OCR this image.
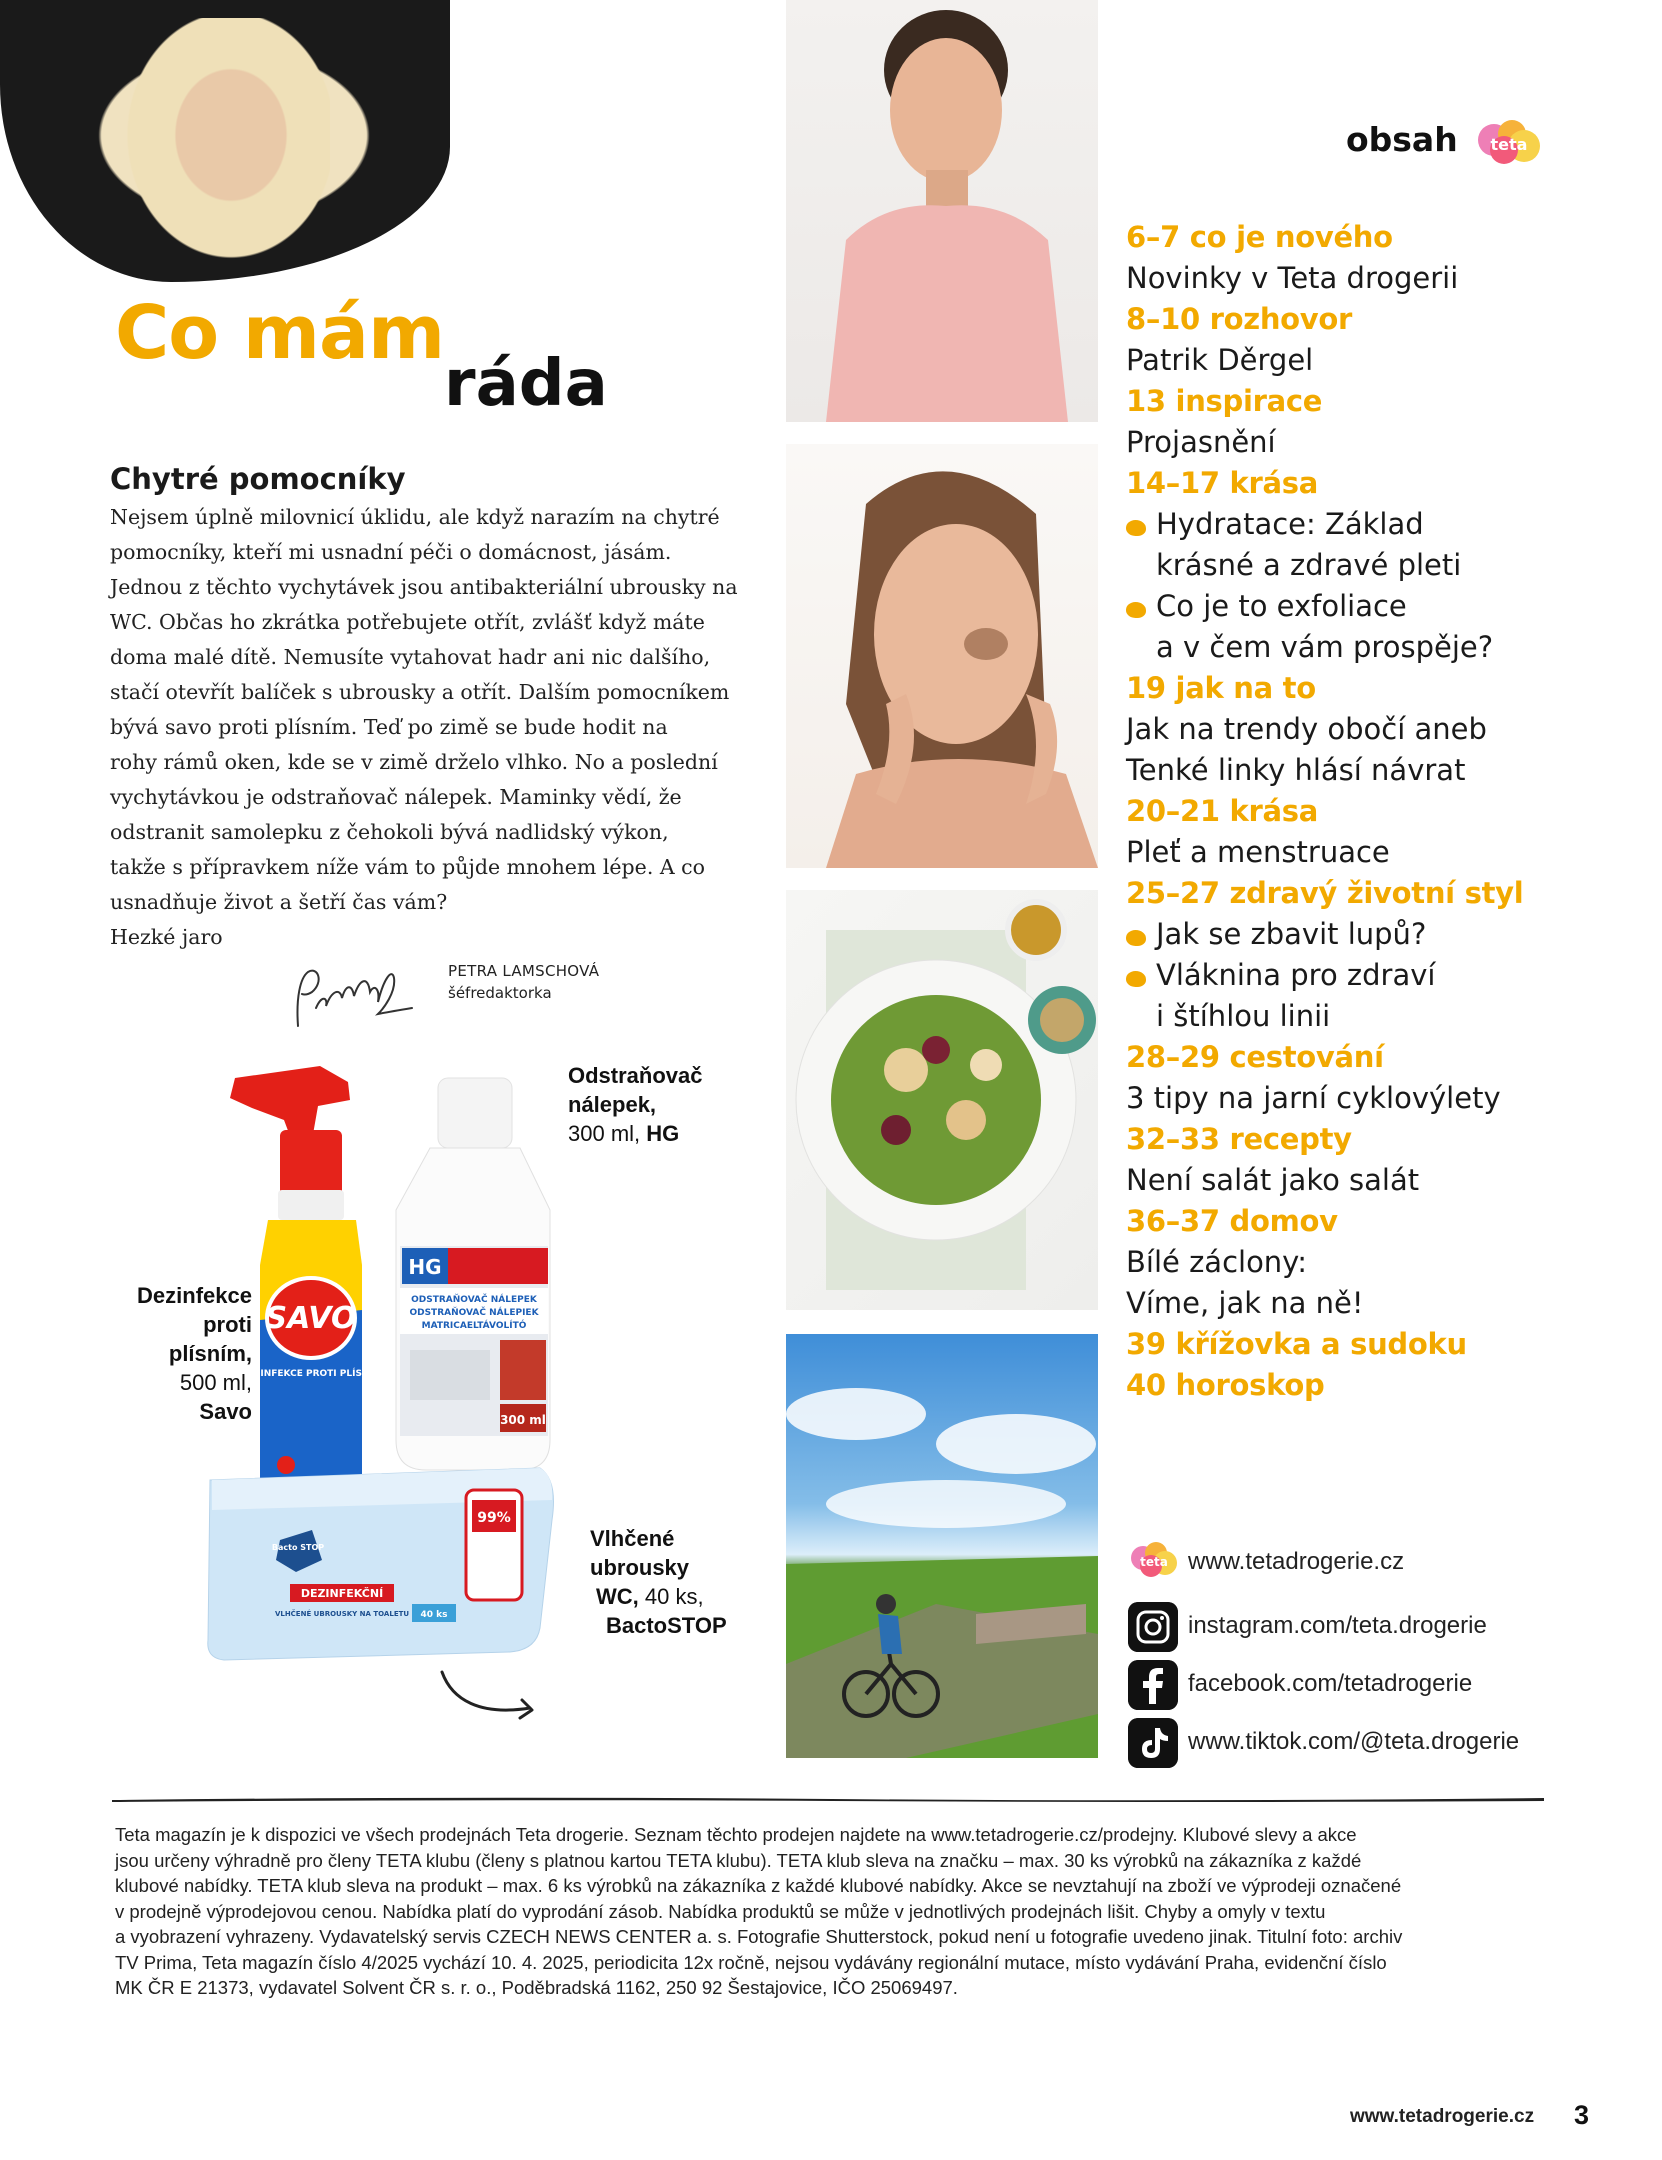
Co mám
ráda
Chytré pomocníky

Nejsem úplně milovnicí úklidu, ale když narazím na chytré

pomocníky, kteří mi usnadní péči o domácnost, jásám.

Jednou z těchto vychytávek jsou antibakteriální ubrousky na

WC. Občas ho zkrátka potřebujete otřít, zvlášť když máte

doma malé dítě. Nemusíte vytahovat hadr ani nic dalšího,

stačí otevřít balíček s ubrousky a otřít. Dalším pomocníkem

bývá savo proti plísním. Teď po zimě se bude hodit na

rohy rámů oken, kde se v zimě drželo vlhko. No a poslední

vychytávkou je odstraňovač nálepek. Maminky vědí, že

odstranit samolepku z čehokoli bývá nadlidský výkon,

takže s přípravkem níže vám to půjde mnohem lépe. A co

usnadňuje život a šetří čas vám?

Hezké jaro

PETRA LAMSCHOVÁ
šéfredaktorka
SAVO
DEZINFEKCE PROTI PLÍSNÍM
HG
ODSTRAŇOVAČ NÁLEPEK
ODSTRAŇOVAČ NÁLEPIEK
MATRICAELTÁVOLÍTÓ
300 ml
Bacto STOP
DEZINFEKČNÍ
VLHČENÉ UBROUSKY NA TOALETU 40 ks
99%
Odstraňovač
nálepek,
300 ml, HG
Dezinfekce
proti
plísním,
500 ml,
Savo
Vlhčené
ubrousky
WC, 40 ks,
BactoSTOP
obsah teta
6–7 co je nového
Novinky v Teta drogerii
8–10 rozhovor
Patrik Děrgel
13 inspirace
Projasnění
14–17 krása
Hydratace: Základ
krásné a zdravé pleti
Co je to exfoliace
a v čem vám prospěje?
19 jak na to
Jak na trendy obočí aneb
Tenké linky hlásí návrat
20–21 krása
Pleť a menstruace
25–27 zdravý životní styl
Jak se zbavit lupů?
Vláknina pro zdraví
i štíhlou linii
28–29 cestování
3 tipy na jarní cyklovýlety
32–33 recepty
Není salát jako salát
36–37 domov
Bílé záclony:
Víme, jak na ně!
39 křížovka a sudoku
40 horoskop
teta www.tetadrogerie.cz
instagram.com/teta.drogerie
facebook.com/tetadrogerie
www.tiktok.com/@teta.drogerie
Teta magazín je k dispozici ve všech prodejnách Teta drogerie. Seznam těchto prodejen najdete na www.tetadrogerie.cz/prodejny. Klubové slevy a akce
jsou určeny výhradně pro členy TETA klubu (členy s platnou kartou TETA klubu). TETA klub sleva na značku – max. 30 ks výrobků na zákazníka z každé
klubové nabídky. TETA klub sleva na produkt – max. 6 ks výrobků na zákazníka z každé klubové nabídky. Akce se nevztahují na zboží ve výprodeji označené
v prodejně výprodejovou cenou. Nabídka platí do vyprodání zásob. Nabídka produktů se může v jednotlivých prodejnách lišit. Chyby a omyly v textu
a vyobrazení vyhrazeny. Vydavatelský servis CZECH NEWS CENTER a. s. Fotografie Shutterstock, pokud není u fotografie uvedeno jinak. Titulní foto: archiv
TV Prima, Teta magazín číslo 4/2025 vychází 10. 4. 2025, periodicita 12x ročně, nejsou vydávány regionální mutace, místo vydávání Praha, evidenční číslo
MK ČR E 21373, vydavatel Solvent ČR s. r. o., Poděbradská 1162, 250 92 Šestajovice, IČO 25069497.
www.tetadrogerie.cz 3
